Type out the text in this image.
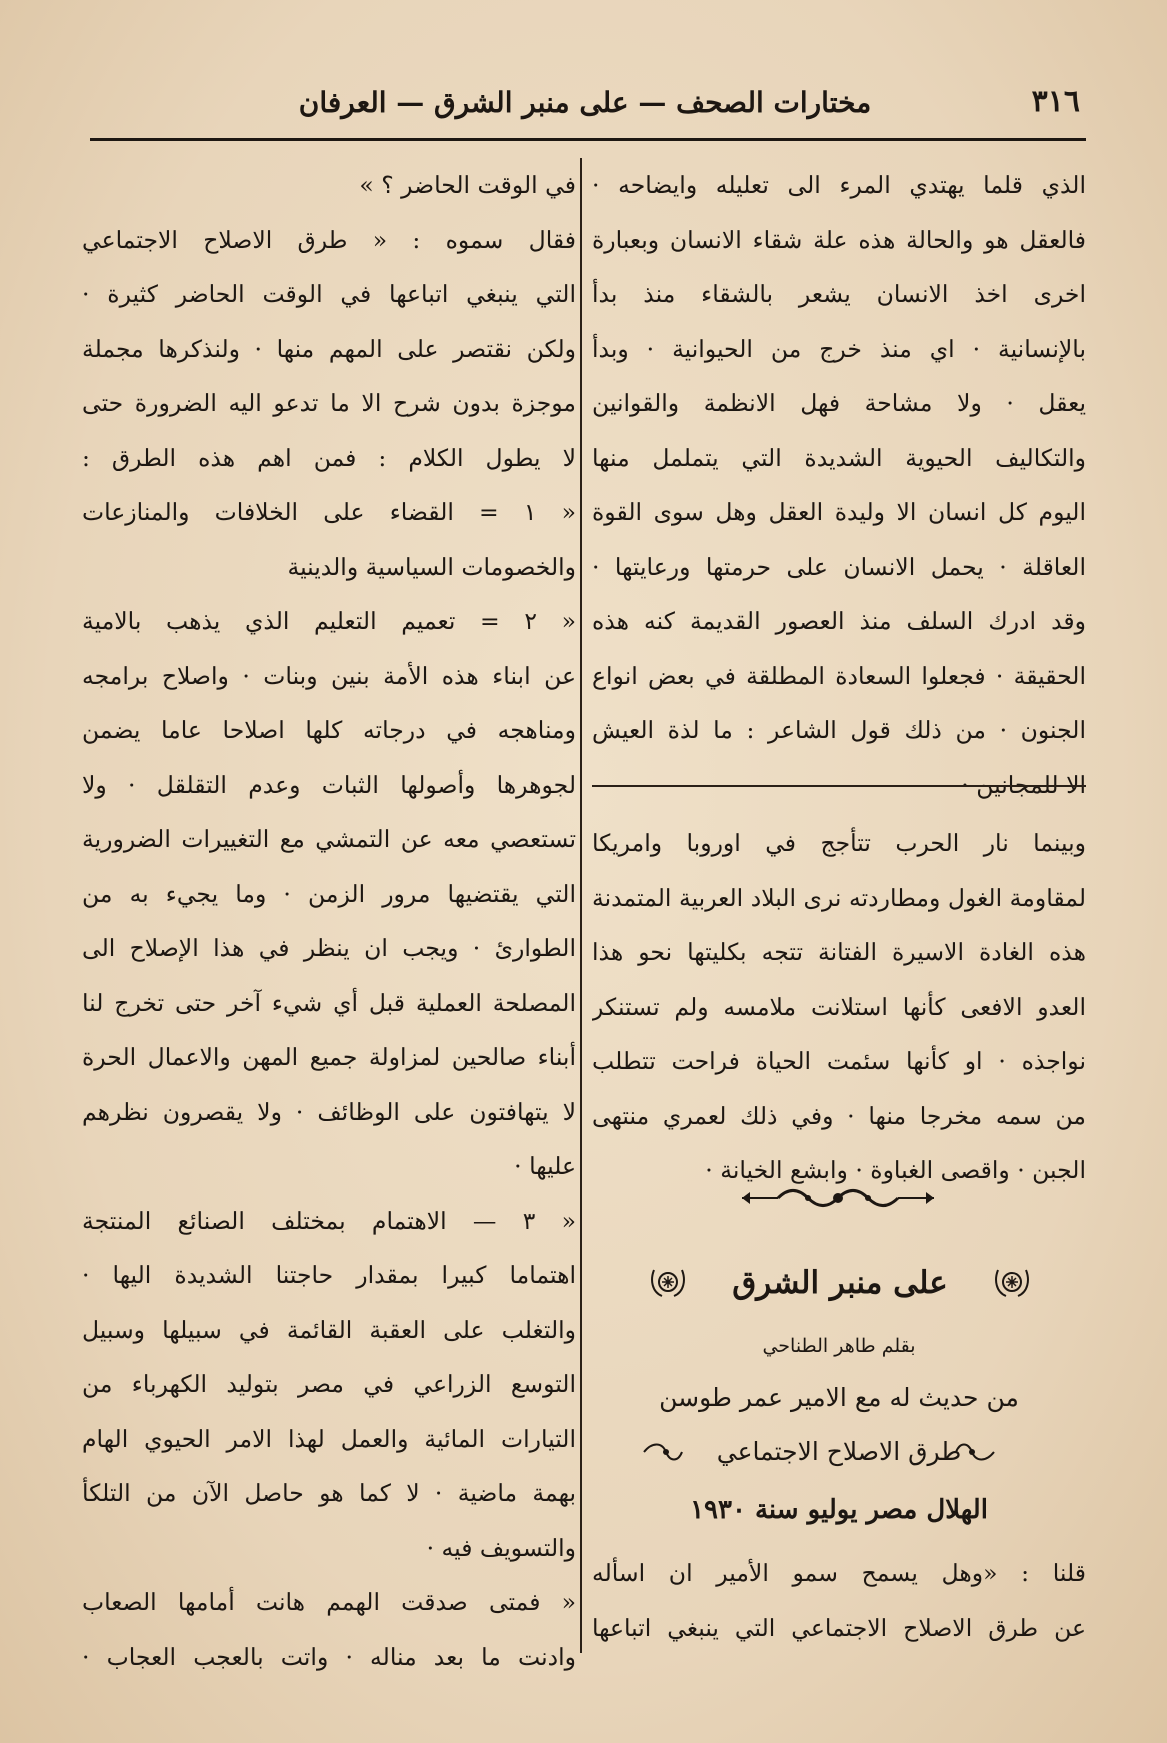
٣١٦
مختارات الصحف — على منبر الشرق — العرفان
الذي قلما يهتدي المرء الى تعليله وايضاحه ·
فالعقل هو والحالة هذه علة شقاء الانسان وبعبارة
اخرى اخذ الانسان يشعر بالشقاء منذ بدأ
بالإنسانية · اي منذ خرج من الحيوانية · وبدأ
يعقل · ولا مشاحة فهل الانظمة والقوانين
والتكاليف الحيوية الشديدة التي يتململ منها
اليوم كل انسان الا وليدة العقل وهل سوى القوة
العاقلة · يحمل الانسان على حرمتها ورعايتها ·
وقد ادرك السلف منذ العصور القديمة كنه هذه
الحقيقة · فجعلوا السعادة المطلقة في بعض انواع
الجنون · من ذلك قول الشاعر : ما لذة العيش
الا للمجانين ·
وبينما نار الحرب تتأجج في اوروبا وامريكا
لمقاومة الغول ومطاردته نرى البلاد العربية المتمدنة
هذه الغادة الاسيرة الفتانة تتجه بكليتها نحو هذا
العدو الافعى كأنها استلانت ملامسه ولم تستنكر
نواجذه · او كأنها سئمت الحياة فراحت تتطلب
من سمه مخرجا منها · وفي ذلك لعمري منتهى
الجبن · واقصى الغباوة · وابشع الخيانة ·
على منبر الشرق
بقلم طاهر الطناحي
من حديث له مع الامير عمر طوسن
طرق الاصلاح الاجتماعي
الهلال مصر يوليو سنة ١٩٣٠
قلنا : «وهل يسمح سمو الأمير ان اسأله
عن طرق الاصلاح الاجتماعي التي ينبغي اتباعها
في الوقت الحاضر ؟ »
فقال سموه : « طرق الاصلاح الاجتماعي
التي ينبغي اتباعها في الوقت الحاضر كثيرة ·
ولكن نقتصر على المهم منها · ولنذكرها مجملة
موجزة بدون شرح الا ما تدعو اليه الضرورة حتى
لا يطول الكلام : فمن اهم هذه الطرق :
« ١ = القضاء على الخلافات والمنازعات
والخصومات السياسية والدينية
« ٢ = تعميم التعليم الذي يذهب بالامية
عن ابناء هذه الأمة بنين وبنات · واصلاح برامجه
ومناهجه في درجاته كلها اصلاحا عاما يضمن
لجوهرها وأصولها الثبات وعدم التقلقل · ولا
تستعصي معه عن التمشي مع التغييرات الضرورية
التي يقتضيها مرور الزمن · وما يجيء به من
الطوارئ · ويجب ان ينظر في هذا الإصلاح الى
المصلحة العملية قبل أي شيء آخر حتى تخرج لنا
أبناء صالحين لمزاولة جميع المهن والاعمال الحرة
لا يتهافتون على الوظائف · ولا يقصرون نظرهم
عليها ·
« ٣ — الاهتمام بمختلف الصنائع المنتجة
اهتماما كبيرا بمقدار حاجتنا الشديدة اليها ·
والتغلب على العقبة القائمة في سبيلها وسبيل
التوسع الزراعي في مصر بتوليد الكهرباء من
التيارات المائية والعمل لهذا الامر الحيوي الهام
بهمة ماضية · لا كما هو حاصل الآن من التلكأ
والتسويف فيه ·
« فمتى صدقت الهمم هانت أمامها الصعاب
وادنت ما بعد مناله · واتت بالعجب العجاب ·
